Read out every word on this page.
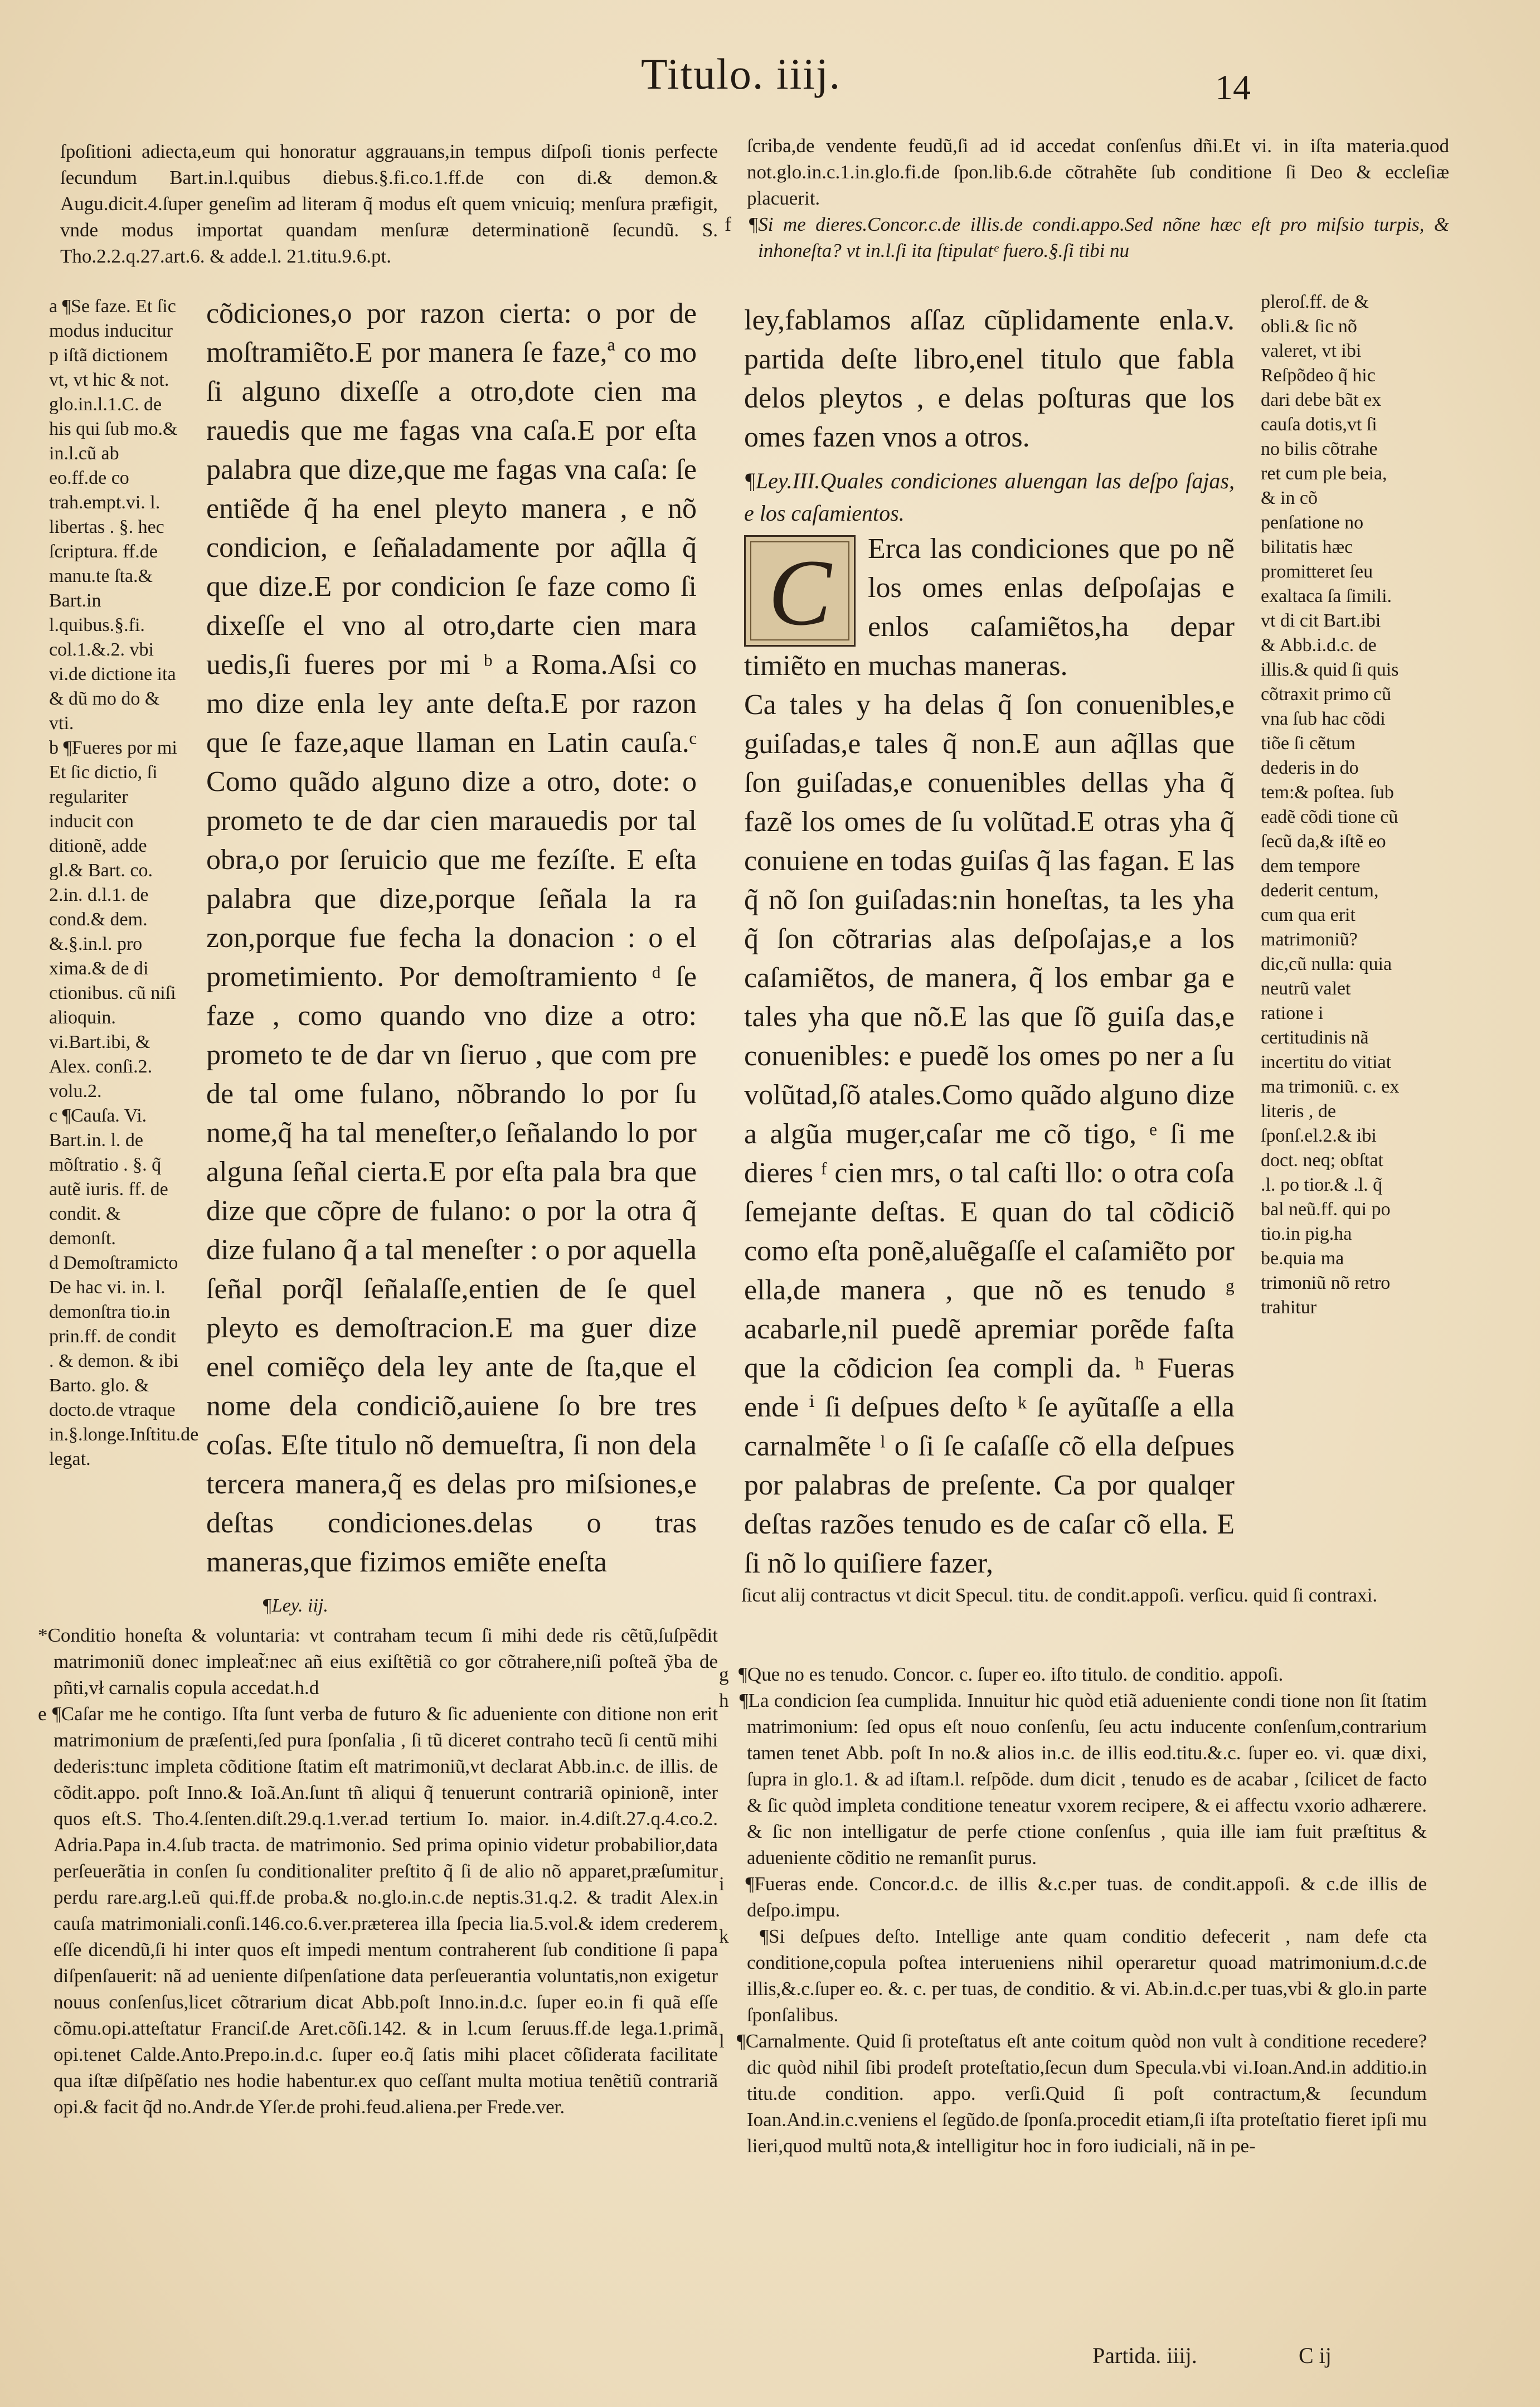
Titulo. iiij.	14

ſpoſitioni adiecta,eum qui honoratur aggrauans,in tempus diſpoſi tionis perfecte ſecundum Bart.in.l.quibus diebus.§.fi.co.1.ff.de con di.& demon.& Augu.dicit.4.ſuper geneſim ad literam q̃ modus eſt quem vnicuiq; menſura præfigit, vnde modus importat quandam menſuræ determinationẽ ſecundũ. S. Tho.2.2.q.27.art.6. & adde.l. 21.titu.9.6.pt.

ſcriba,de vendente feudũ,ſi ad id accedat conſenſus dñi.Et vi. in iſta materia.quod not.glo.in.c.1.in.glo.fi.de ſpon.lib.6.de cõtrahẽte ſub conditione ſi Deo & eccleſiæ placuerit.

f ¶Si me dieres.Concor.c.de illis.de condi.appo.Sed nõne hæc eſt pro miſsio turpis, & inhoneſta? vt in.l.ſi ita ſtipulatᵉ fuero.§.ſi tibi nu

a ¶Se faze. Et ſic modus inducitur p iſtã dictionem vt, vt hic & not. glo.in.l.1.C. de his qui ſub mo.& in.l.cũ ab eo.ff.de co trah.empt.vi. l. libertas . §. hec ſcriptura. ff.de manu.te ſta.& Bart.in l.quibus.§.fi. col.1.&.2. vbi vi.de dictione ita & dũ mo do & vti.

b ¶Fueres por mi Et ſic dictio, ſi regulariter inducit con ditionẽ, adde gl.& Bart. co. 2.in. d.l.1. de cond.& dem. &.§.in.l. pro xima.& de di ctionibus. cũ niſi alioquin. vi.Bart.ibi, & Alex. conſi.2. volu.2.

c ¶Cauſa. Vi. Bart.in. l. de mõſtratio . §. q̃ autẽ iuris. ff. de condit. & demonſt.

d Demoſtramicto De hac vi. in. l. demonſtra tio.in prin.ff. de condit . & demon. & ibi Barto. glo. & docto.de vtraque in.§.longe.Inſtitu.de legat.

cõdiciones,o por razon cierta: o por de moſtramiẽto.E por manera ſe faze,ª co mo ſi alguno dixeſſe a otro,dote cien ma rauedis que me fagas vna caſa.E por eſta palabra que dize,que me fagas vna caſa: ſe entiẽde q̃ ha enel pleyto manera , e nõ condicion, e ſeñaladamente por aq̃lla q̃ que dize.E por condicion ſe faze como ſi dixeſſe el vno al otro,darte cien mara uedis,ſi fueres por mi ᵇ a Roma.Aſsi co mo dize enla ley ante deſta.E por razon que ſe faze,aque llaman en Latin cauſa.ᶜ Como quãdo alguno dize a otro, dote: o prometo te de dar cien marauedis por tal obra,o por ſeruicio que me fezíſte. E eſta palabra que dize,porque ſeñala la ra zon,porque fue fecha la donacion : o el prometimiento. Por demoſtramiento ᵈ ſe faze , como quando vno dize a otro: prometo te de dar vn ſieruo , que com pre de tal ome fulano, nõbrando lo por ſu nome,q̃ ha tal meneſter,o ſeñalando lo por alguna ſeñal cierta.E por eſta pala bra que dize que cõpre de fulano: o por la otra q̃ dize fulano q̃ a tal meneſter : o por aquella ſeñal porq̃l ſeñalaſſe,entien de ſe quel pleyto es demoſtracion.E ma guer dize enel comiẽço dela ley ante de ſta,que el nome dela condiciõ,auiene ſo bre tres coſas. Eſte titulo nõ demueſtra, ſi non dela tercera manera,q̃ es delas pro miſsiones,e deſtas condiciones.delas o tras maneras,que fizimos emiẽte eneſta

ley,fablamos aſſaz cũplidamente enla.v. partida deſte libro,enel titulo que fabla delos pleytos , e delas poſturas que los omes fazen vnos a otros.

¶Ley.III.Quales condiciones aluengan las deſpo ſajas, e los caſamientos.

C	Erca las condiciones que po nẽ los omes enlas deſpoſajas e enlos caſamiẽtos,ha depar timiẽto en muchas maneras.

Ca tales y ha delas q̃ ſon conuenibles,e guiſadas,e tales q̃ non.E aun aq̃llas que ſon guiſadas,e conuenibles dellas yha q̃ fazẽ los omes de ſu volũtad.E otras yha q̃ conuiene en todas guiſas q̃ las fagan. E las q̃ nõ ſon guiſadas:nin honeſtas, ta les yha q̃ ſon cõtrarias alas deſpoſajas,e a los caſamiẽtos, de manera, q̃ los embar ga e tales yha que nõ.E las que ſõ guiſa das,e conuenibles: e puedẽ los omes po ner a ſu volũtad,ſõ atales.Como quãdo alguno dize a algũa muger,caſar me cõ tigo, ᵉ ſi me dieres ᶠ cien mrs, o tal caſti llo: o otra coſa ſemejante deſtas. E quan do tal cõdiciõ como eſta ponẽ,aluẽgaſſe el caſamiẽto por ella,de manera , que nõ es tenudo ᵍ acabarle,nil puedẽ apremiar porẽde faſta que la cõdicion ſea compli da. ʰ Fueras ende ⁱ ſi deſpues deſto ᵏ ſe ayũtaſſe a ella carnalmẽte ˡ o ſi ſe caſaſſe cõ ella deſpues por palabras de preſente. Ca por qualqer deſtas razões tenudo es de caſar cõ ella. E ſi nõ lo quiſiere fazer,

pleroſ.ff. de & obli.& ſic nõ valeret, vt ibi Reſpõdeo q̃ hic dari debe bãt ex cauſa dotis,vt ſi no bilis cõtrahe ret cum ple beia, & in cõ penſatione no bilitatis hæc promitteret ſeu exaltaca ſa ſimili. vt di cit Bart.ibi & Abb.i.d.c. de illis.& quid ſi quis cõtraxit primo cũ vna ſub hac cõdi tiõe ſi cẽtum dederis in do tem:& poſtea. ſub eadẽ cõdi tione cũ ſecũ da,& iſtẽ eo dem tempore dederit centum, cum qua erit matrimoniũ? dic,cũ nulla: quia neutrũ valet ratione i certitudinis nã incertitu do vitiat ma trimoniũ. c. ex literis , de ſponſ.el.2.& ibi doct. neq; obſtat .l. po tior.& .l. q̃ bal neũ.ff. qui po tio.in pig.ha be.quia ma trimoniũ nõ retro trahitur

¶Ley. iij.	ſicut alij contractus vt dicit Specul. titu. de condit.appoſi. verſicu. quid ſi contraxi.

*Conditio honeſta & voluntaria: vt contraham tecum ſi mihi dede ris cẽtũ,ſuſpẽdit matrimoniũ donec impleat̃:nec añ eius exiſtẽtiã co gor cõtrahere,niſi poſteã ỹba de pñti,vł carnalis copula accedat.h.d

e ¶Caſar me he contigo. Iſta ſunt verba de futuro & ſic adueniente con ditione non erit matrimonium de præſenti,ſed pura ſponſalia , ſi tũ diceret contraho tecũ ſi centũ mihi dederis:tunc impleta cõditione ſtatim eſt matrimoniũ,vt declarat Abb.in.c. de illis. de cõdit.appo. poſt Inno.& Ioã.An.ſunt tñ aliqui q̃ tenuerunt contrariã opinionẽ, inter quos eſt.S. Tho.4.ſenten.diſt.29.q.1.ver.ad tertium Io. maior. in.4.diſt.27.q.4.co.2. Adria.Papa in.4.ſub tracta. de matrimonio. Sed prima opinio videtur probabilior,data perſeuerãtia in conſen ſu conditionaliter preſtito q̃ ſi de alio nõ apparet,præſumitur perdu rare.arg.l.eũ qui.ff.de proba.& no.glo.in.c.de neptis.31.q.2. & tradit Alex.in cauſa matrimoniali.conſi.146.co.6.ver.præterea illa ſpecia lia.5.vol.& idem crederem eſſe dicendũ,ſi hi inter quos eſt impedi mentum contraherent ſub conditione ſi papa diſpenſauerit: nã ad ueniente diſpenſatione data perſeuerantia voluntatis,non exigetur nouus conſenſus,licet cõtrarium dicat Abb.poſt Inno.in.d.c. ſuper eo.in fi quã eſſe cõmu.opi.atteſtatur Franciſ.de Aret.cõſi.142. & in l.cum ſeruus.ff.de lega.1.primã opi.tenet Calde.Anto.Prepo.in.d.c. ſuper eo.q̃ ſatis mihi placet cõſiderata facilitate qua iſtæ diſpẽſatio nes hodie habentur.ex quo ceſſant multa motiua tenẽtiũ contrariã opi.& facit q̃d no.Andr.de Yſer.de prohi.feud.aliena.per Frede.ver.

g ¶Que no es tenudo. Concor. c. ſuper eo. iſto titulo. de conditio. appoſi.

h ¶La condicion ſea cumplida. Innuitur hic quòd etiã adueniente condi tione non ſit ſtatim matrimonium: ſed opus eſt nouo conſenſu, ſeu actu inducente conſenſum,contrarium tamen tenet Abb. poſt In no.& alios in.c. de illis eod.titu.&.c. ſuper eo. vi. quæ dixi, ſupra in glo.1. & ad iſtam.l. reſpõde. dum dicit , tenudo es de acabar , ſcilicet de facto & ſic quòd impleta conditione teneatur vxorem recipere, & ei affectu vxorio adhærere. & ſic non intelligatur de perfe ctione conſenſus , quia ille iam fuit præſtitus & adueniente cõditio ne remanſit purus.

i ¶Fueras ende. Concor.d.c. de illis &.c.per tuas. de condit.appoſi. & c.de illis de deſpo.impu.

k ¶Si deſpues deſto. Intellige ante quam conditio defecerit , nam defe cta conditione,copula poſtea interueniens nihil operaretur quoad matrimonium.d.c.de illis,&.c.ſuper eo. &. c. per tuas, de conditio. & vi. Ab.in.d.c.per tuas,vbi & glo.in parte ſponſalibus.

l ¶Carnalmente. Quid ſi proteſtatus eſt ante coitum quòd non vult à conditione recedere? dic quòd nihil ſibi prodeſt proteſtatio,ſecun dum Specula.vbi vi.Ioan.And.in additio.in titu.de condition. appo. verſi.Quid ſi poſt contractum,& ſecundum Ioan.And.in.c.veniens el ſegũdo.de ſponſa.procedit etiam,ſi iſta proteſtatio fieret ipſi mu lieri,quod multũ nota,& intelligitur hoc in foro iudiciali, nã in pe-

Partida. iiij.	C ij
